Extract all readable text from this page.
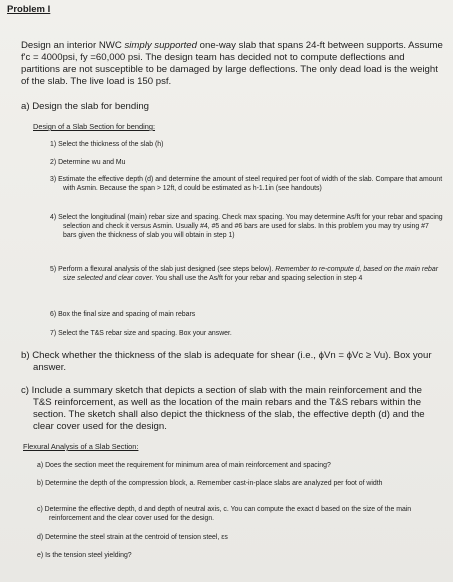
Problem I
Design an interior NWC simply supported one-way slab that spans 24-ft between supports. Assume f'c = 4000psi, fy =60,000 psi. The design team has decided not to compute deflections and partitions are not susceptible to be damaged by large deflections. The only dead load is the weight of the slab. The live load is 150 psf.
a) Design the slab for bending
Design of a Slab Section for bending:
1) Select the thickness of the slab (h)
2) Determine wu and Mu
3) Estimate the effective depth (d) and determine the amount of steel required per foot of width of the slab. Compare that amount with Asmin. Because the span > 12ft, d could be estimated as h-1.1in (see handouts)
4) Select the longitudinal (main) rebar size and spacing. Check max spacing. You may determine As/ft for your rebar and spacing selection and check it versus Asmin. Usually #4, #5 and #6 bars are used for slabs. In this problem you may try using #7 bars given the thickness of slab you will obtain in step 1)
5) Perform a flexural analysis of the slab just designed (see steps below). Remember to re-compute d, based on the main rebar size selected and clear cover. You shall use the As/ft for your rebar and spacing selection in step 4
6) Box the final size and spacing of main rebars
7) Select the T&S rebar size and spacing. Box your answer.
b) Check whether the thickness of the slab is adequate for shear (i.e., ϕVn = ϕVc ≥ Vu). Box your answer.
c) Include a summary sketch that depicts a section of slab with the main reinforcement and the T&S reinforcement, as well as the location of the main rebars and the T&S rebars within the section. The sketch shall also depict the thickness of the slab, the effective depth (d) and the clear cover used for the design.
Flexural Analysis of a Slab Section:
a) Does the section meet the requirement for minimum area of main reinforcement and spacing?
b) Determine the depth of the compression block, a. Remember cast-in-place slabs are analyzed per foot of width
c) Determine the effective depth, d and depth of neutral axis, c. You can compute the exact d based on the size of the main reinforcement and the clear cover used for the design.
d) Determine the steel strain at the centroid of tension steel, εs
e) Is the tension steel yielding?
